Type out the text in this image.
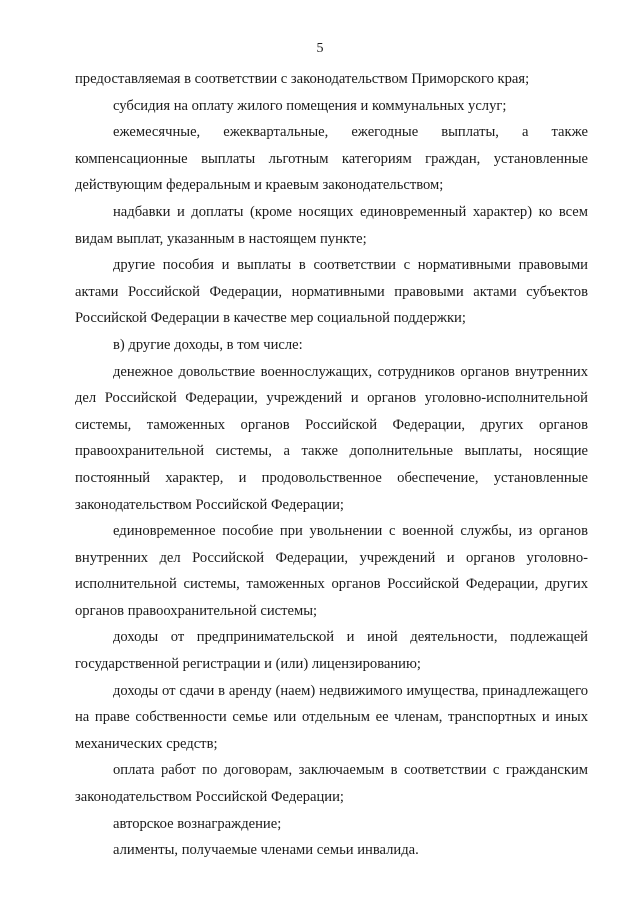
5

предоставляемая в соответствии с законодательством Приморского края;

субсидия на оплату жилого помещения и коммунальных услуг;

ежемесячные, ежеквартальные, ежегодные выплаты, а также компенсационные выплаты льготным категориям граждан, установленные действующим федеральным и краевым законодательством;

надбавки и доплаты (кроме носящих единовременный характер) ко всем видам выплат, указанным в настоящем пункте;

другие пособия и выплаты в соответствии с нормативными правовыми актами Российской Федерации, нормативными правовыми актами субъектов Российской Федерации в качестве мер социальной поддержки;

в) другие доходы, в том числе:

денежное довольствие военнослужащих, сотрудников органов внутренних дел Российской Федерации, учреждений и органов уголовно-исполнительной системы, таможенных органов Российской Федерации, других органов правоохранительной системы, а также дополнительные выплаты, носящие постоянный характер, и продовольственное обеспечение, установленные законодательством Российской Федерации;

единовременное пособие при увольнении с военной службы, из органов внутренних дел Российской Федерации, учреждений и органов уголовно-исполнительной системы, таможенных органов Российской Федерации, других органов правоохранительной системы;

доходы от предпринимательской и иной деятельности, подлежащей государственной регистрации и (или) лицензированию;

доходы от сдачи в аренду (наем) недвижимого имущества, принадлежащего на праве собственности семье или отдельным ее членам, транспортных и иных механических средств;

оплата работ по договорам, заключаемым в соответствии с гражданским законодательством Российской Федерации;

авторское вознаграждение;

алименты, получаемые членами семьи инвалида.
